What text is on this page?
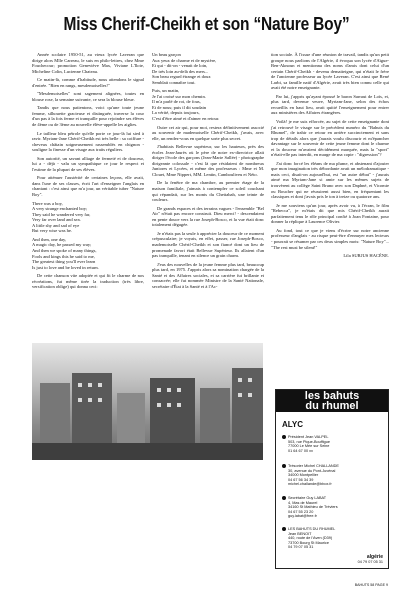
Miss Cherif-Cheikh et son “Nature Boy”

Année scolaire 1950-51, au vieux lycée Laveran que dirige alors Mlle Carreau, le suis en philo-lettres, chez Mme Fouchecour; promotion Geneviève Max, Viviane L'Ilote, Micheline Colin, Lucienne Chateau.

Ce matin-là, comme d'habitude, nous attendons le signal d'entrée. "Rien en rangs, mesdemoiselles!"

"Mesdemoiselles" sont sagement alignées, toutes en blouse rose, la semaine suivante, ce sera la blouse bleue.

Tandis que nous patientons, voici qu'une toute jeune femme, silhouette gracieuse et distinguée, traverse la cour d'un pas à la fois ferme et tranquille pour rejoindre ses élèves de 4ème ou de 3ème au nouvelle élève-appelle les aiglies.

Le tailleur bleu pétrole qu'elle porte ce jour-là lui sied à ravir. Myriam-Jane Chérif-Cheikh est très belle : sa coiffure - cheveux châtain soigneusement rassemblés en chignon - souligne la finesse d'un visage aux traits réguliers.

Son autorité, un savant alliage de fermeté et de douceur, lui a - déjà - valu un sympathique ce jour le respect et l'estime de la plupart de ses élèves.

Pour atténuer l'austérité de certaines leçons, elle avait, dans l'une de ses classes, écrit l'art d'enseigner l'anglais en chantant : c'est ainsi que m'a jour, un véritable tuber "Nature Boy".

There was a boy,
A very strange enchanted boy;
They said he wandered very far,
Very far over land and sea.
A little shy and sad of eye
But very wise was he.

And then, one day,
A magic day, he passed my way;
And then we spoke of many things,
Fools and kings this he said to me,
The greatest thing you'll ever learn
Is just to love and be loved in return.

De cette chanson vite adoptée et qui fit le charme de nos récréations, fut même tirée la traduction (très libre, versification oblige) qui donna ceci:

Un beau garçon
Aux yeux de charme et de mystère,
Et qui - dit-on - venait de loin,
De très loin au-delà des mers...
Son beau regard étrange et doux
Semblait connaître tout.

Puis, un matin,
Je l'ai croisé sur mon chemin.
Il m'a parlé de roi, de fous,
Et de nous; puis il dit soudain
La vérité, depuis toujours,
C'est d'être aimé et d'aimer en retour.

Outre cet air qui, pour moi, restera définitivement associé au souvenir de mademoiselle Chérif-Cheikh, j'avais, avec elle, un rendez-vous en quelque sorte plus secret.

J'habitais Bellevue supérieur, sur les hauteurs, près des écoles Jean-Jaurès où le père de notre ex-directrice allait diriger l'école des garçons (Jean-Marie Sallée) - photographe dirigeante colossale - c'est là que résidaient de nombreux Juniores et Lycées, et même des professeurs : Mme et M. Clouet, Mme Nippert, MM. Lentin, Cambouliveu et Néto.

De la fenêtre de ma chambre, au premier étage de la maison familiale, j'aimais à contempler ce soleil couchant qui répandait, sur les monts du Chettabah, une teinte de couleurs.

De grands espaces et des terrains vagues - l'ensemble "Bel Air" n'était pas encore construit. Dieu merci! - descendaient en pente douce vers la rue Joseph-Bosco, et la vue était donc totalement dégagée.

Je n'étais pas la seule à apprécier la douceur de ce moment crépusculaire; je voyais, en effet, passer, rue Joseph-Bosco, mademoiselle Chérif-Cheikh et son fiancé dont un lieu de promenade favori était Bellevue Supérieur. Ils allaient d'un pas tranquille, tenant en silence un grain charm.

J'eus des nouvelles de la jeune femme plus tard, beaucoup plus tard, en 1975. J'appris alors sa nomination chargée de la Santé et des Affaires sociales, et sa carrière fut brillante et consacrée; elle fut nommée Ministre de la Santé Nationale, secrétaire d'État à la Santé et à l'Ac-

tion sociale. À l'issue d'une réunion de travail, tandis qu'un petit groupe nous parlions de l'Algérie, il évoqua son lycée d'Aïgue-Ben-Aknoun et mentionna des noms d'amis dont celui d'un certain Chérif-Cheikh - devenu demaiteigne, qui n'était le frère de l'ancienne professeur au lycée Laveran. C'est ainsi que René Larbi, sa famille natif d'Algérie, avait très bien connu celle qui avait été notre enseignante.

Par lui, j'appris qu'ayant épousé le baron Sarraut de Loïs, et, plus tard, devenue veuve, Myriam-Jane, selon des échos recueillis en haut lieu, avait quitté l'enseignement pour entrer aux ministères des Affaires étrangères.

Voilà! je me suis efforcée, au sujet de cette enseignante dont j'ai retrouvé le visage sur le précédent numéro du "Bahuts du Rhumel", de trahir ce retour en arrière succinctement et sans trop de détails alors que j'aurais voulu discourir et m'épancher davantage sur le souvenir de cette jeune femme dont le charme et la douceur m'avaient décidément marquée, mais la "sport" n'était-elle pas interdit, en marge de ma copie : "digression"?

J'ai donc forcé les éléans de ma plume, et abstenant d'ajouter que mon imagination très débordante avait un mélodramatique - mais ceci, disait-on aujourd'hui, est "un autre débat" - j'aurais aimé ma Myriam-Jane si amie sur les mêmes sujets de trouvèrent au collège Saint Bruno avec son Daphné, et Vicomte ou Boucher qui ne réussirent aussi bien, en fréquentant les classiques et dont j'avais pris le ton à treize ou quatorze ans.

Je me souviens qu'un jour, après avoir vu, à l'écran, le film "Rebecca", je m'étais dit que mis Chérif-Cheikh aurait parfaitement tenu le rôle principal confié à Joan Fontaine, pour donner la réplique à Laurence Olivier.

Au fond, tout ce que je viens d'écrire sur notre ancienne professeur d'anglais - au risque peut-être d'ennuyer mes lecteurs - pourrait se résumer par ces deux simples mots: "Nature Boy"... "The rest must be silent!"

Lila SURJUS HACÈNE.
les bahuts
du rhumel
ALYC
Président Jean VALPEL
503, rue Pique-Bouffigue
77000 Le Mée sur Seine
01 64 67 00 xx
Trésorier Michel CHALLANDE
30, avenue du Pont-Juvénal
34000 Montpellier
04 67 56 34 39
michel.challande@bbox.fr
Secrétaire Guy LABAT
4, Mas de Maurel
34160 St Mathieu de Tréviers
04 67 55 23 20
guy.labat@free.fr
LES BAHUTS DU RHUMEL
Jean BENOIT
440, route de l'Aven (D39)
73700 Bourg St Maurice
04 79 07 05 31
algérie
04 79 07 05 31
BAHUTS 58 PAGE 9
